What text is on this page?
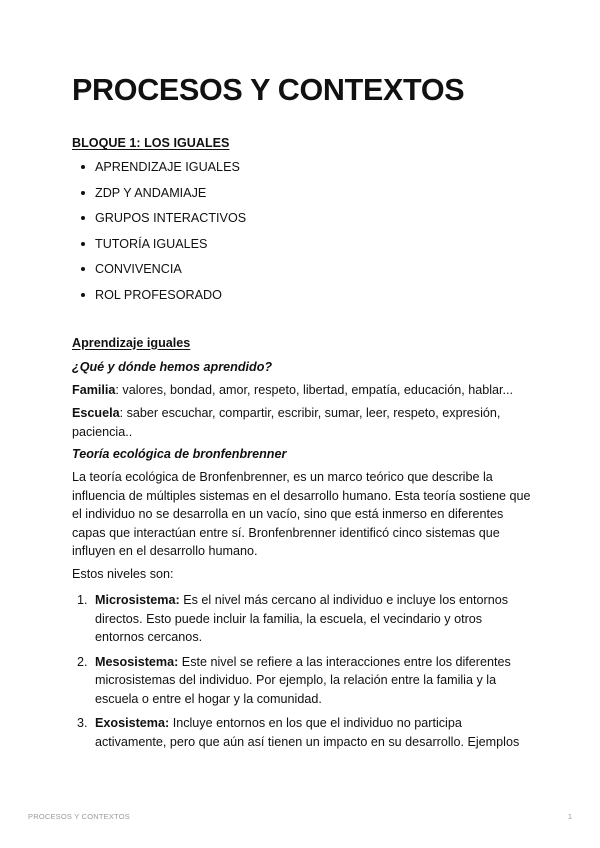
PROCESOS Y CONTEXTOS
BLOQUE 1: LOS IGUALES
APRENDIZAJE IGUALES
ZDP Y ANDAMIAJE
GRUPOS INTERACTIVOS
TUTORÍA IGUALES
CONVIVENCIA
ROL PROFESORADO
Aprendizaje iguales
¿Qué y dónde hemos aprendido?

Familia: valores, bondad, amor, respeto, libertad, empatía, educación, hablar...

Escuela: saber escuchar, compartir, escribir, sumar, leer, respeto, expresión, paciencia..

Teoría ecológica de bronfenbrenner

La teoría ecológica de Bronfenbrenner, es un marco teórico que describe la influencia de múltiples sistemas en el desarrollo humano. Esta teoría sostiene que el individuo no se desarrolla en un vacío, sino que está inmerso en diferentes capas que interactúan entre sí. Bronfenbrenner identificó cinco sistemas que influyen en el desarrollo humano.

Estos niveles son:

1. Microsistema: Es el nivel más cercano al individuo e incluye los entornos directos. Esto puede incluir la familia, la escuela, el vecindario y otros entornos cercanos.
2. Mesosistema: Este nivel se refiere a las interacciones entre los diferentes microsistemas del individuo. Por ejemplo, la relación entre la familia y la escuela o entre el hogar y la comunidad.
3. Exosistema: Incluye entornos en los que el individuo no participa activamente, pero que aún así tienen un impacto en su desarrollo. Ejemplos
PROCESOS Y CONTEXTOS	1
